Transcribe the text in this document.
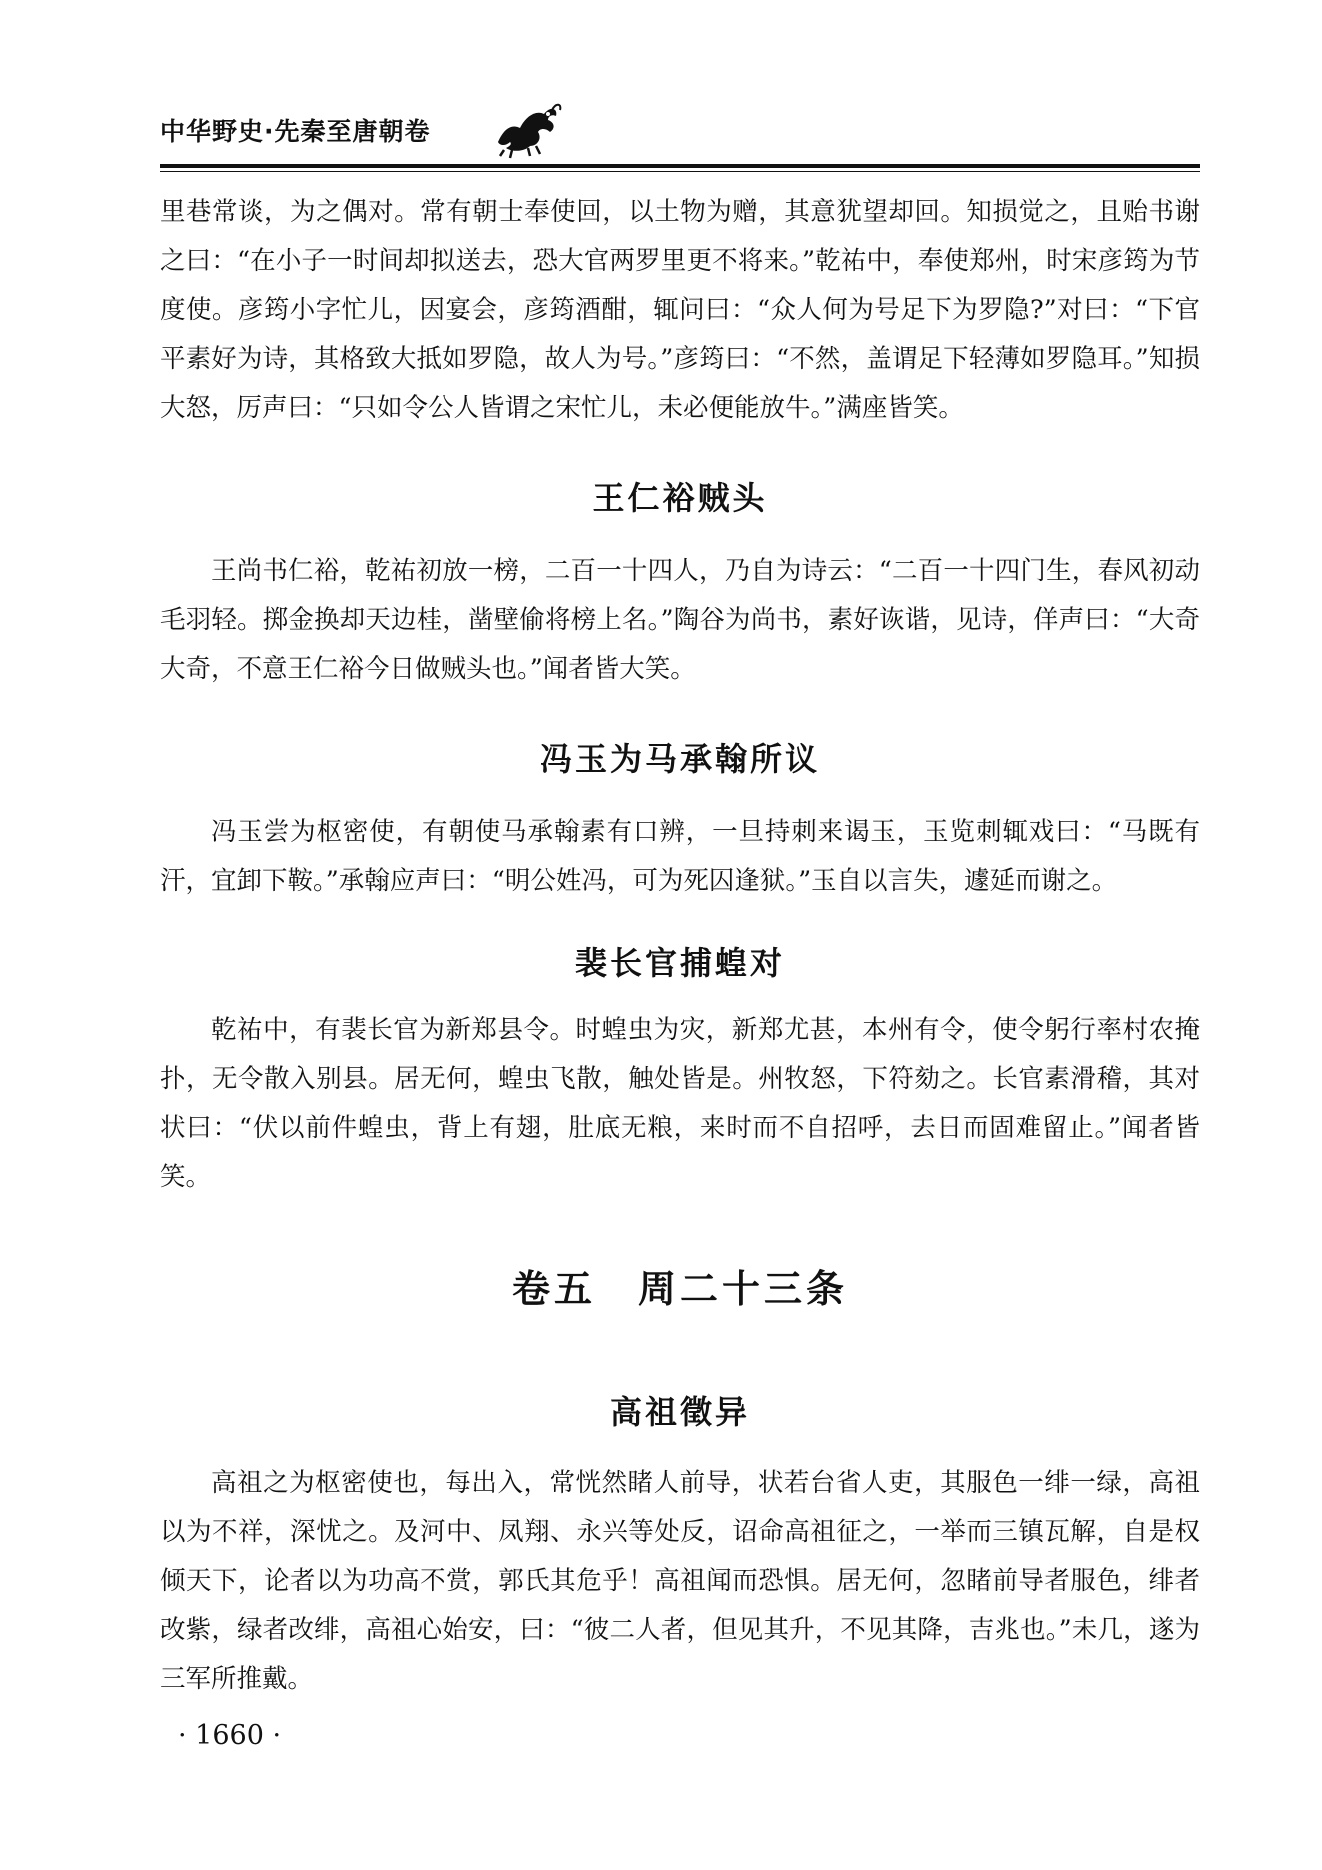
中华野史·先秦至唐朝卷

里巷常谈，为之偶对。常有朝士奉使回，以土物为赠，其意犹望却回。知损觉之，且贻书谢之曰：“在小子一时间却拟送去，恐大官两罗里更不将来。”乾祐中，奉使郑州，时宋彦筠为节度使。彦筠小字忙儿，因宴会，彦筠酒酣，辄问曰：“众人何为号足下为罗隐?”对曰：“下官平素好为诗，其格致大抵如罗隐，故人为号。”彦筠曰：“不然，盖谓足下轻薄如罗隐耳。”知损大怒，厉声曰：“只如令公人皆谓之宋忙儿，未必便能放牛。”满座皆笑。

王仁裕贼头

王尚书仁裕，乾祐初放一榜，二百一十四人，乃自为诗云：“二百一十四门生，春风初动毛羽轻。掷金换却天边桂，凿壁偷将榜上名。”陶谷为尚书，素好诙谐，见诗，佯声曰：“大奇大奇，不意王仁裕今日做贼头也。”闻者皆大笑。

冯玉为马承翰所议

冯玉尝为枢密使，有朝使马承翰素有口辨，一旦持刺来谒玉，玉览刺辄戏曰：“马既有汗，宜卸下鞍。”承翰应声曰：“明公姓冯，可为死囚逢狱。”玉自以言失，遽延而谢之。

裴长官捕蝗对

乾祐中，有裴长官为新郑县令。时蝗虫为灾，新郑尤甚，本州有令，使令躬行率村农掩扑，无令散入别县。居无何，蝗虫飞散，触处皆是。州牧怒，下符劾之。长官素滑稽，其对状曰：“伏以前件蝗虫，背上有翅，肚底无粮，来时而不自招呼，去日而固难留止。”闻者皆笑。

卷五　周二十三条
高祖徵异

高祖之为枢密使也，每出入，常恍然睹人前导，状若台省人吏，其服色一绯一绿，高祖以为不祥，深忧之。及河中、凤翔、永兴等处反，诏命高祖征之，一举而三镇瓦解，自是权倾天下，论者以为功高不赏，郭氏其危乎！高祖闻而恐惧。居无何，忽睹前导者服色，绯者改紫，绿者改绯，高祖心始安，曰：“彼二人者，但见其升，不见其降，吉兆也。”未几，遂为三军所推戴。

· 1660 ·
